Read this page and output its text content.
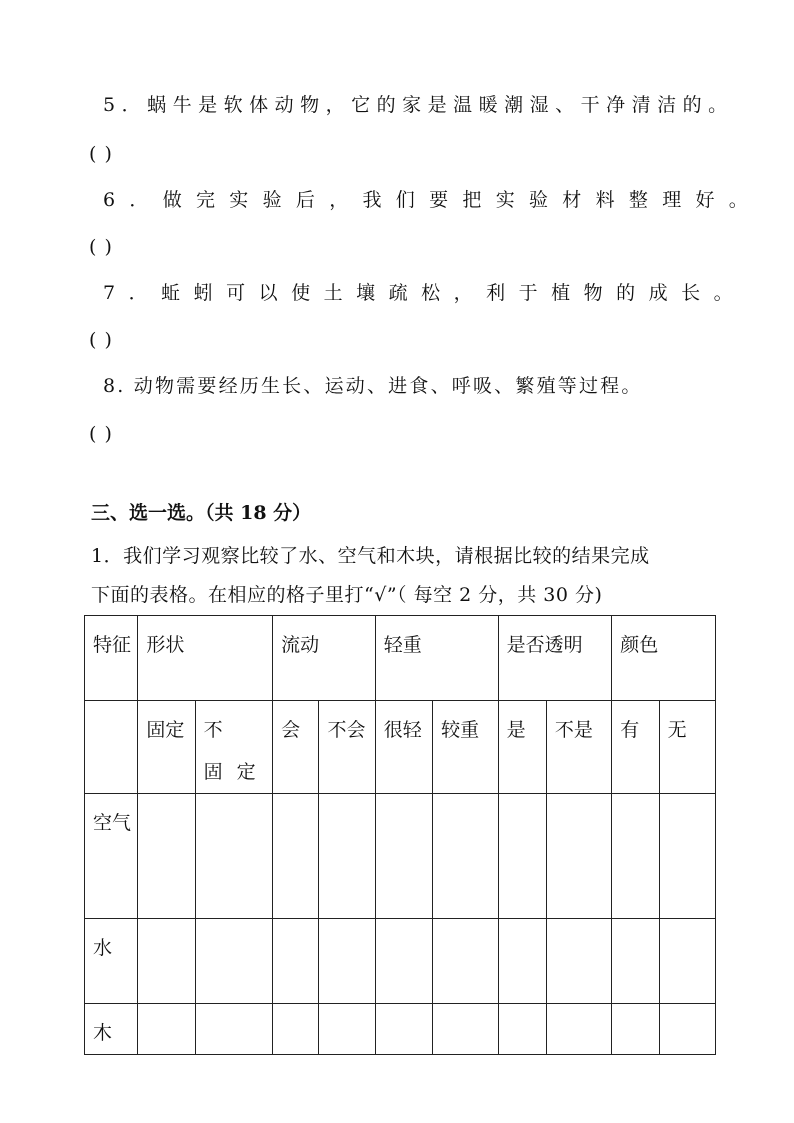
5．蜗牛是软体动物，它的家是温暖潮湿、干净清洁的。
( )
6．做完实验后，我们要把实验材料整理好。
( )
7．蚯蚓可以使土壤疏松，利于植物的成长。
( )
8. 动物需要经历生长、运动、进食、呼吸、繁殖等过程。
( )
三、选一选。（共 18 分）
1．我们学习观察比较了水、空气和木块，请根据比较的结果完成
下面的表格。在相应的格子里打“√”（ 每空 2 分，共 30 分)
特征	形状		流动		轻重		是否透明		颜色	
	固定	不 固定	会	不会	很轻	较重	是	不是	有	无
空气										
水										
木										
